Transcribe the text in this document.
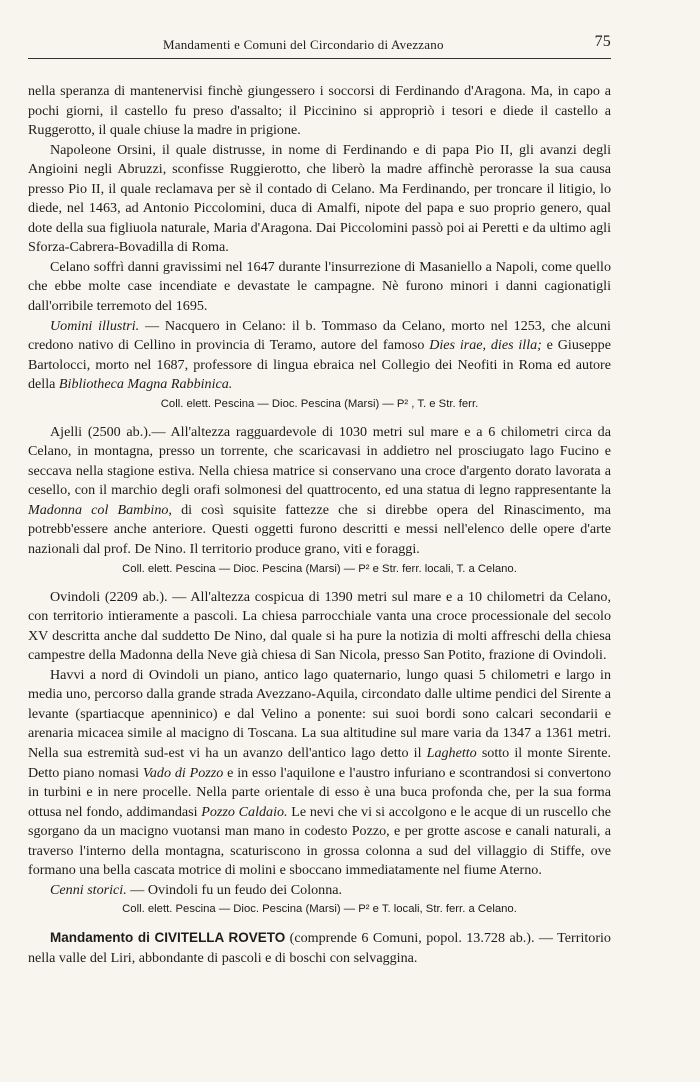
Mandamenti e Comuni del Circondario di Avezzano	75

nella speranza di mantenervisi finchè giungessero i soccorsi di Ferdinando d'Aragona. Ma, in capo a pochi giorni, il castello fu preso d'assalto; il Piccinino si appropriò i tesori e diede il castello a Ruggerotto, il quale chiuse la madre in prigione.

Napoleone Orsini, il quale distrusse, in nome di Ferdinando e di papa Pio II, gli avanzi degli Angioini negli Abruzzi, sconfisse Ruggierotto, che liberò la madre affinchè perorasse la sua causa presso Pio II, il quale reclamava per sè il contado di Celano. Ma Ferdinando, per troncare il litigio, lo diede, nel 1463, ad Antonio Piccolomini, duca di Amalfi, nipote del papa e suo proprio genero, qual dote della sua figliuola naturale, Maria d'Aragona. Dai Piccolomini passò poi ai Peretti e da ultimo agli Sforza-Cabrera-Bovadilla di Roma.

Celano soffrì danni gravissimi nel 1647 durante l'insurrezione di Masaniello a Napoli, come quello che ebbe molte case incendiate e devastate le campagne. Nè furono minori i danni cagionatigli dall'orribile terremoto del 1695.

Uomini illustri. — Nacquero in Celano: il b. Tommaso da Celano, morto nel 1253, che alcuni credono nativo di Cellino in provincia di Teramo, autore del famoso Dies irae, dies illa; e Giuseppe Bartolocci, morto nel 1687, professore di lingua ebraica nel Collegio dei Neofiti in Roma ed autore della Bibliotheca Magna Rabbinica.

Coll. elett. Pescina — Dioc. Pescina (Marsi) — P² , T. e Str. ferr.

Ajelli (2500 ab.).— All'altezza ragguardevole di 1030 metri sul mare e a 6 chilometri circa da Celano, in montagna, presso un torrente, che scaricavasi in addietro nel prosciugato lago Fucino e seccava nella stagione estiva. Nella chiesa matrice si conservano una croce d'argento dorato lavorata a cesello, con il marchio degli orafi solmonesi del quattrocento, ed una statua di legno rappresentante la Madonna col Bambino, di così squisite fattezze che si direbbe opera del Rinascimento, ma potrebb'essere anche anteriore. Questi oggetti furono descritti e messi nell'elenco delle opere d'arte nazionali dal prof. De Nino. Il territorio produce grano, viti e foraggi.

Coll. elett. Pescina — Dioc. Pescina (Marsi) — P² e Str. ferr. locali, T. a Celano.

Ovindoli (2209 ab.). — All'altezza cospicua di 1390 metri sul mare e a 10 chilometri da Celano, con territorio intieramente a pascoli. La chiesa parrocchiale vanta una croce processionale del secolo XV descritta anche dal suddetto De Nino, dal quale si ha pure la notizia di molti affreschi della chiesa campestre della Madonna della Neve già chiesa di San Nicola, presso San Potito, frazione di Ovindoli.

Havvi a nord di Ovindoli un piano, antico lago quaternario, lungo quasi 5 chilometri e largo in media uno, percorso dalla grande strada Avezzano-Aquila, circondato dalle ultime pendici del Sirente a levante (spartiacque apenninico) e dal Velino a ponente: sui suoi bordi sono calcari secondarii e arenaria micacea simile al macigno di Toscana. La sua altitudine sul mare varia da 1347 a 1361 metri. Nella sua estremità sud-est vi ha un avanzo dell'antico lago detto il Laghetto sotto il monte Sirente. Detto piano nomasi Vado di Pozzo e in esso l'aquilone e l'austro infuriano e scontrandosi si convertono in turbini e in nere procelle. Nella parte orientale di esso è una buca profonda che, per la sua forma ottusa nel fondo, addimandasi Pozzo Caldaio. Le nevi che vi si accolgono e le acque di un ruscello che sgorgano da un macigno vuotansi man mano in codesto Pozzo, e per grotte ascose e canali naturali, a traverso l'interno della montagna, scaturiscono in grossa colonna a sud del villaggio di Stiffe, ove formano una bella cascata motrice di molini e sboccano immediatamente nel fiume Aterno.

Cenni storici. — Ovindoli fu un feudo dei Colonna.

Coll. elett. Pescina — Dioc. Pescina (Marsi) — P² e T. locali, Str. ferr. a Celano.

Mandamento di CIVITELLA ROVETO (comprende 6 Comuni, popol. 13.728 ab.). — Territorio nella valle del Liri, abbondante di pascoli e di boschi con selvaggina.
